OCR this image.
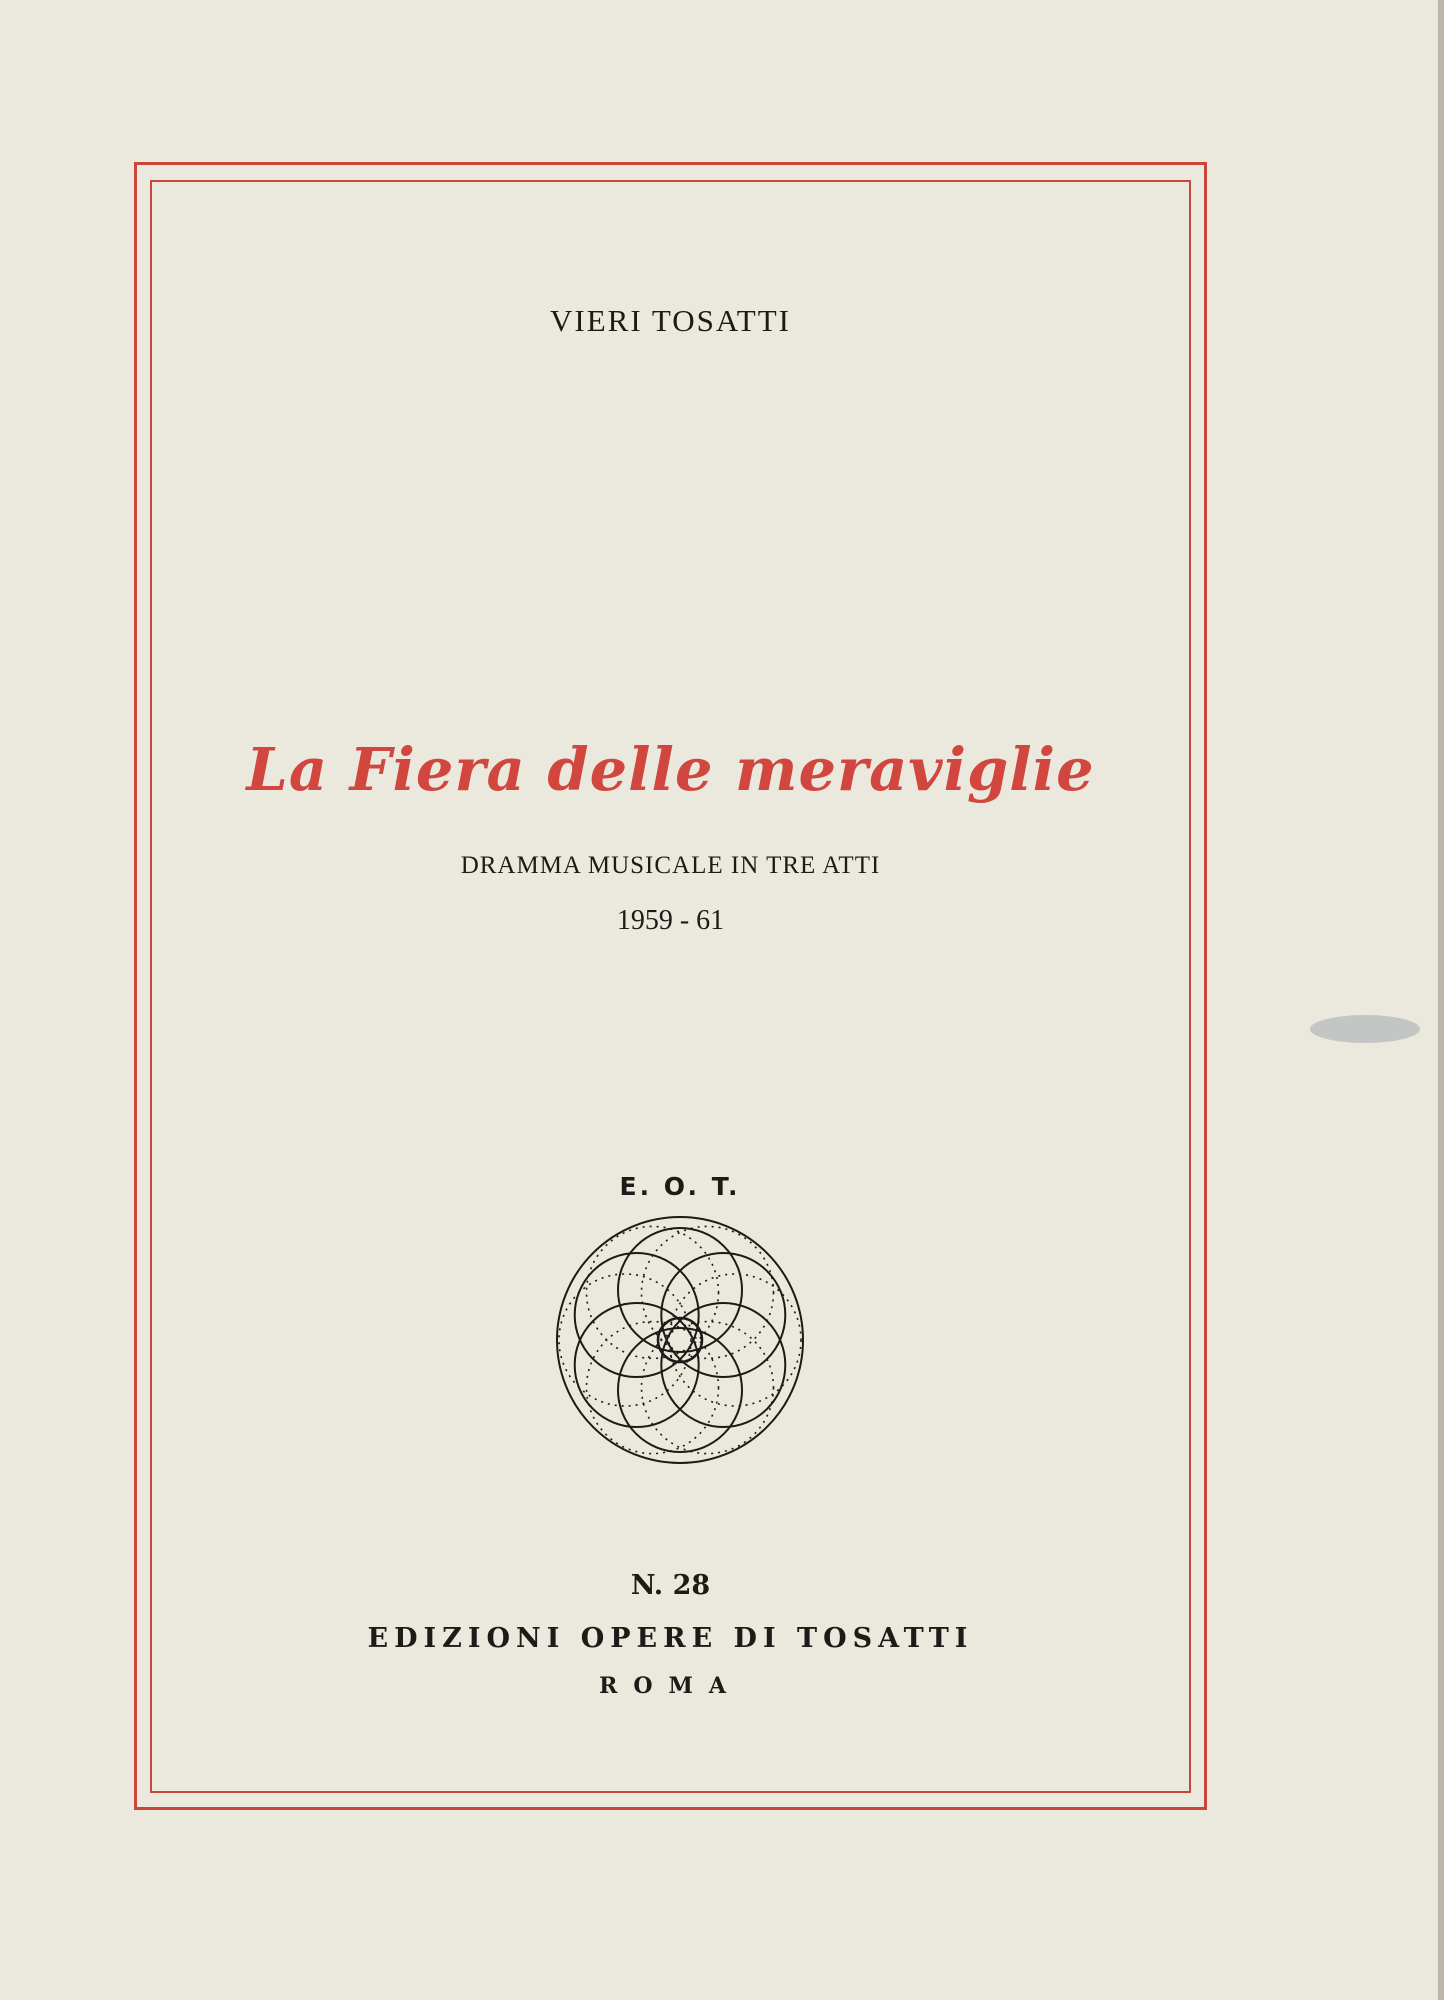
VIERI TOSATTI
La Fiera delle meraviglie
DRAMMA MUSICALE IN TRE ATTI
1959 - 61
E. O. T.
N. 28
EDIZIONI OPERE DI TOSATTI
ROMA
